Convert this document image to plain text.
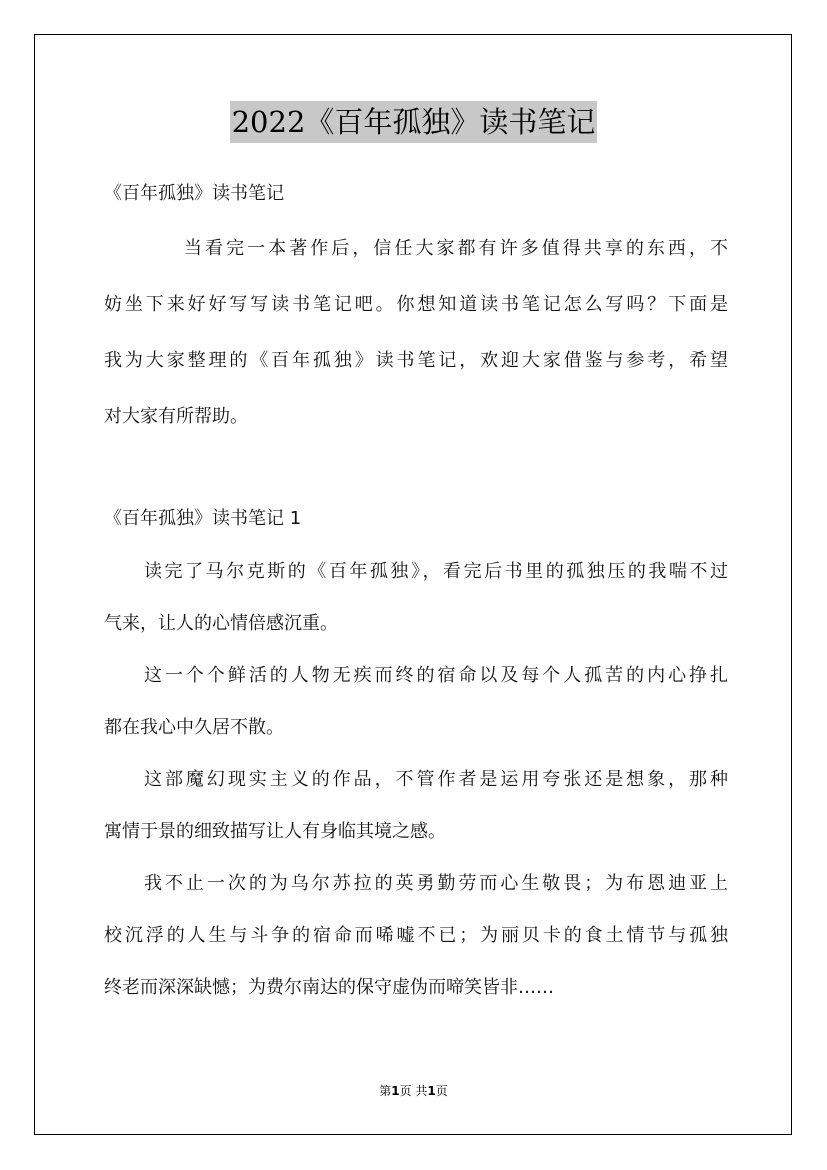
2022《百年孤独》读书笔记
《百年孤独》读书笔记
当看完一本著作后，信任大家都有许多值得共享的东西，不
妨坐下来好好写写读书笔记吧。你想知道读书笔记怎么写吗？下面是
我为大家整理的《百年孤独》读书笔记，欢迎大家借鉴与参考，希望
对大家有所帮助。
《百年孤独》读书笔记 1
读完了马尔克斯的《百年孤独》，看完后书里的孤独压的我喘不过
气来，让人的心情倍感沉重。
这一个个鲜活的人物无疾而终的宿命以及每个人孤苦的内心挣扎
都在我心中久居不散。
这部魔幻现实主义的作品，不管作者是运用夸张还是想象，那种
寓情于景的细致描写让人有身临其境之感。
我不止一次的为乌尔苏拉的英勇勤劳而心生敬畏；为布恩迪亚上
校沉浮的人生与斗争的宿命而唏嘘不已；为丽贝卡的食土情节与孤独
终老而深深缺憾；为费尔南达的保守虚伪而啼笑皆非……
第1页 共1页
